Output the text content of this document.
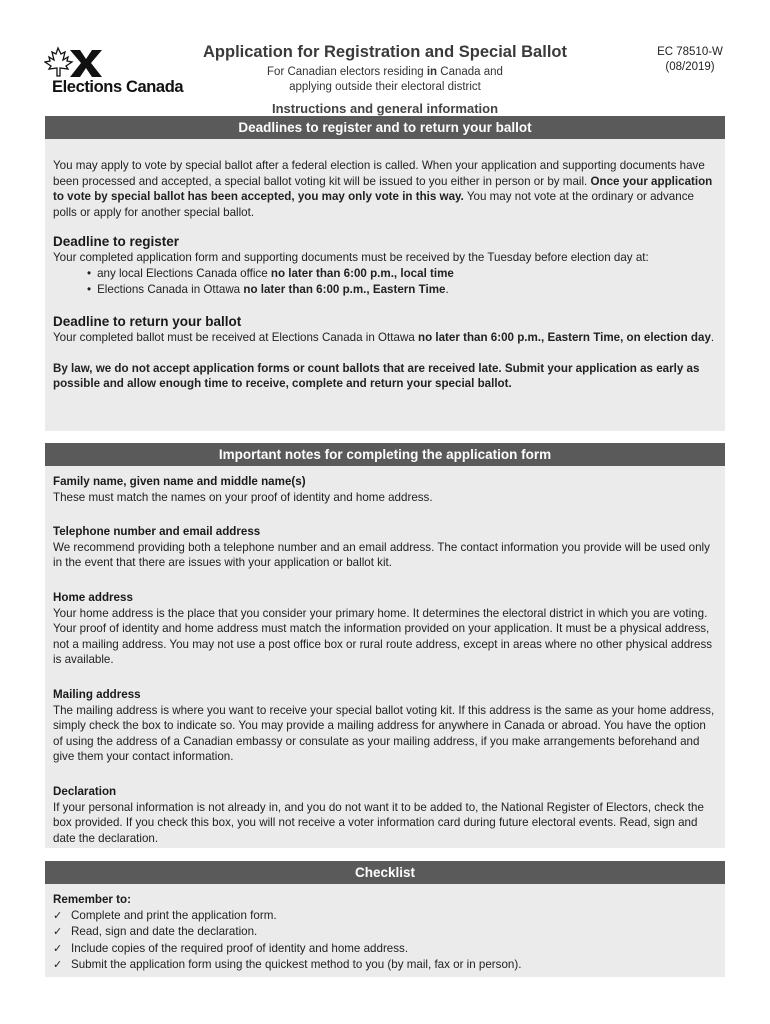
Elections Canada
Application for Registration and Special Ballot
For Canadian electors residing in Canada and
applying outside their electoral district
Instructions and general information
EC 78510-W
(08/2019)
Deadlines to register and to return your ballot

You may apply to vote by special ballot after a federal election is called. When your application and supporting documents have been processed and accepted, a special ballot voting kit will be issued to you either in person or by mail. Once your application to vote by special ballot has been accepted, you may only vote in this way. You may not vote at the ordinary or advance polls or apply for another special ballot.

Deadline to register

Your completed application form and supporting documents must be received by the Tuesday before election day at:

• any local Elections Canada office no later than 6:00 p.m., local time
• Elections Canada in Ottawa no later than 6:00 p.m., Eastern Time.
Deadline to return your ballot

Your completed ballot must be received at Elections Canada in Ottawa no later than 6:00 p.m., Eastern Time, on election day.

By law, we do not accept application forms or count ballots that are received late. Submit your application as early as possible and allow enough time to receive, complete and return your special ballot.

Important notes for completing the application form
Family name, given name and middle name(s)

These must match the names on your proof of identity and home address.

Telephone number and email address

We recommend providing both a telephone number and an email address. The contact information you provide will be used only in the event that there are issues with your application or ballot kit.

Home address

Your home address is the place that you consider your primary home. It determines the electoral district in which you are voting. Your proof of identity and home address must match the information provided on your application. It must be a physical address, not a mailing address. You may not use a post office box or rural route address, except in areas where no other physical address is available.

Mailing address

The mailing address is where you want to receive your special ballot voting kit. If this address is the same as your home address, simply check the box to indicate so. You may provide a mailing address for anywhere in Canada or abroad. You have the option of using the address of a Canadian embassy or consulate as your mailing address, if you make arrangements beforehand and give them your contact information.

Declaration

If your personal information is not already in, and you do not want it to be added to, the National Register of Electors, check the box provided. If you check this box, you will not receive a voter information card during future electoral events. Read, sign and date the declaration.

Checklist
Remember to:
✓ Complete and print the application form.
✓ Read, sign and date the declaration.
✓ Include copies of the required proof of identity and home address.
✓ Submit the application form using the quickest method to you (by mail, fax or in person).
